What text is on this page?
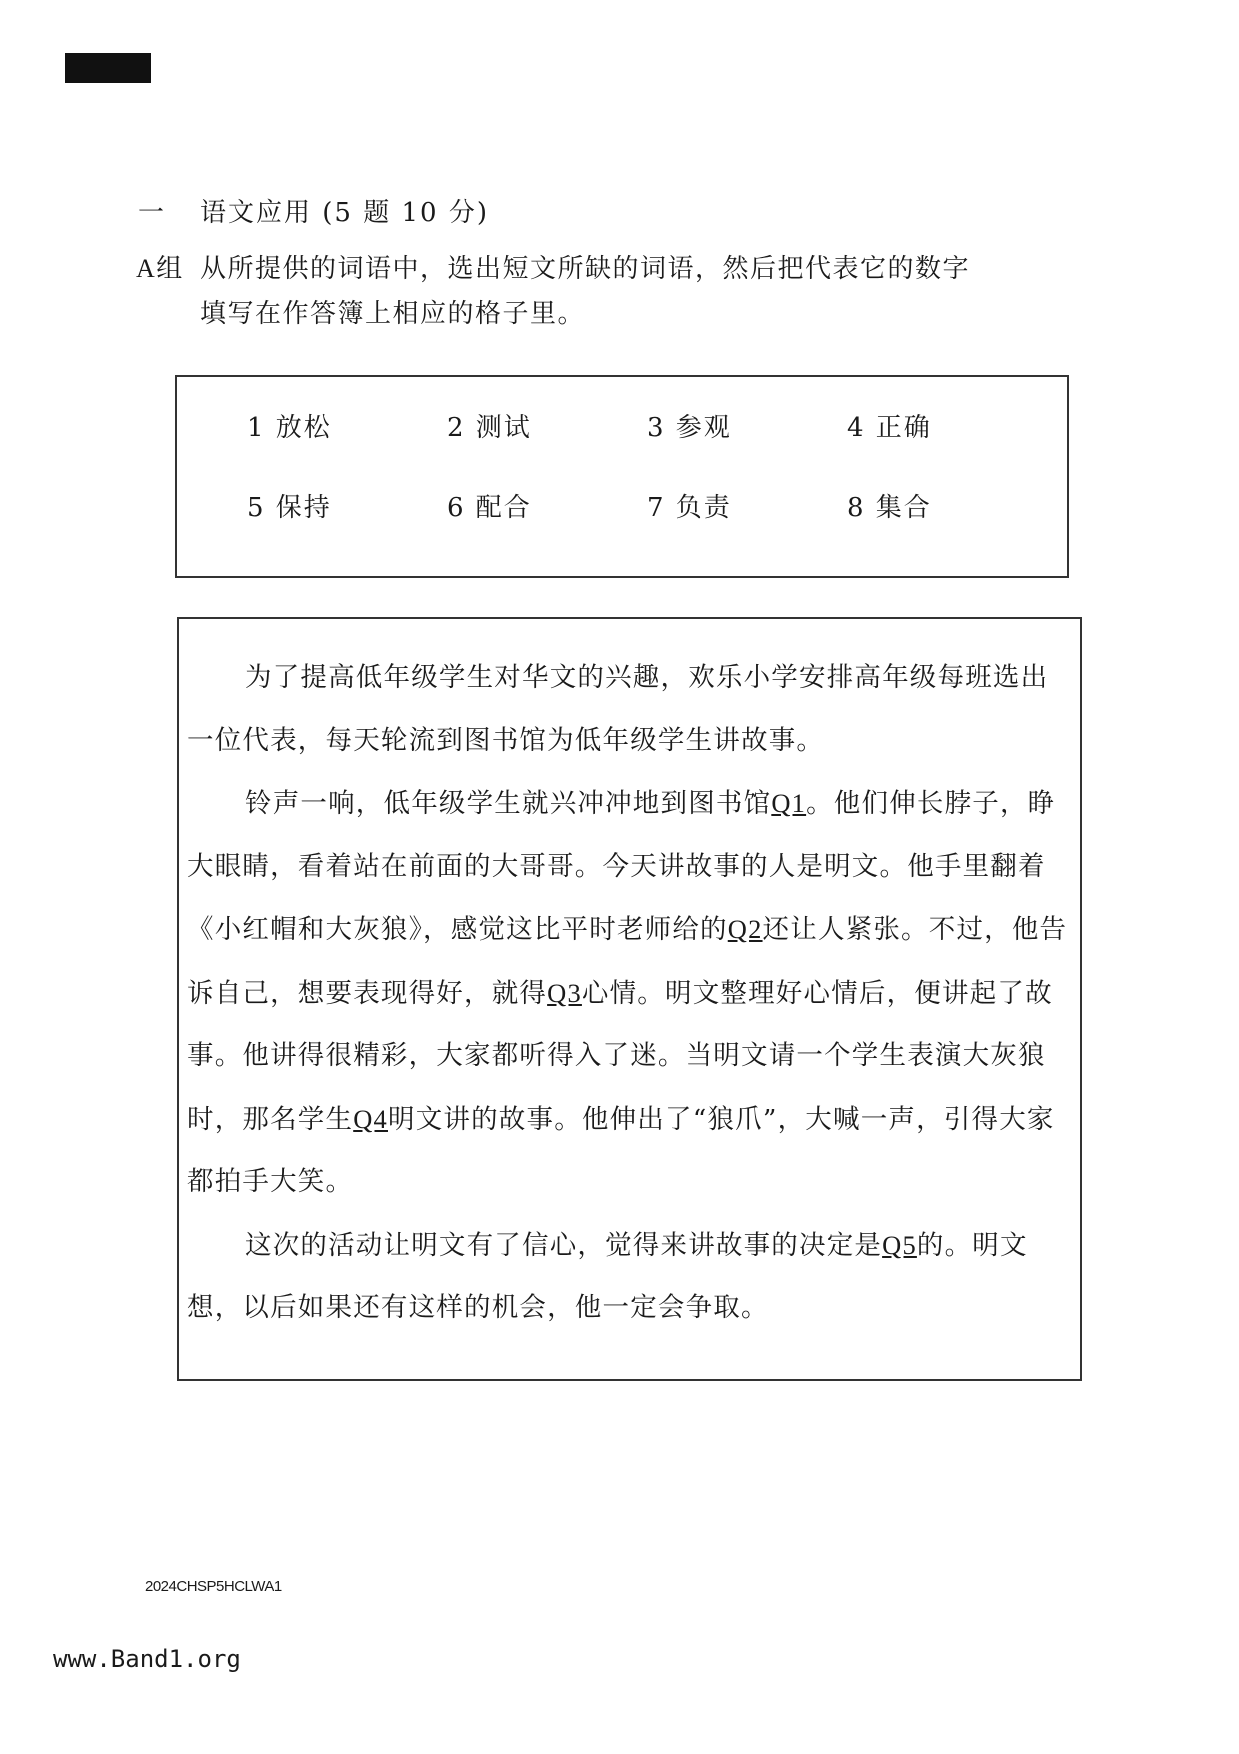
一 语文应用 (5 题 10 分)
A组 从所提供的词语中，选出短文所缺的词语，然后把代表它的数字
填写在作答簿上相应的格子里。
1 放松	2 测试	3 参观	4 正确
5 保持	6 配合	7 负责	8 集合

为了提高低年级学生对华文的兴趣，欢乐小学安排高年级每班选出一位代表，每天轮流到图书馆为低年级学生讲故事。

铃声一响，低年级学生就兴冲冲地到图书馆Q1。他们伸长脖子，睁大眼睛，看着站在前面的大哥哥。今天讲故事的人是明文。他手里翻着《小红帽和大灰狼》，感觉这比平时老师给的Q2还让人紧张。不过，他告诉自己，想要表现得好，就得Q3心情。明文整理好心情后，便讲起了故事。他讲得很精彩，大家都听得入了迷。当明文请一个学生表演大灰狼时，那名学生Q4明文讲的故事。他伸出了“狼爪”，大喊一声，引得大家都拍手大笑。

这次的活动让明文有了信心，觉得来讲故事的决定是Q5的。明文想，以后如果还有这样的机会，他一定会争取。

2024CHSP5HCLWA1
www.Band1.org
